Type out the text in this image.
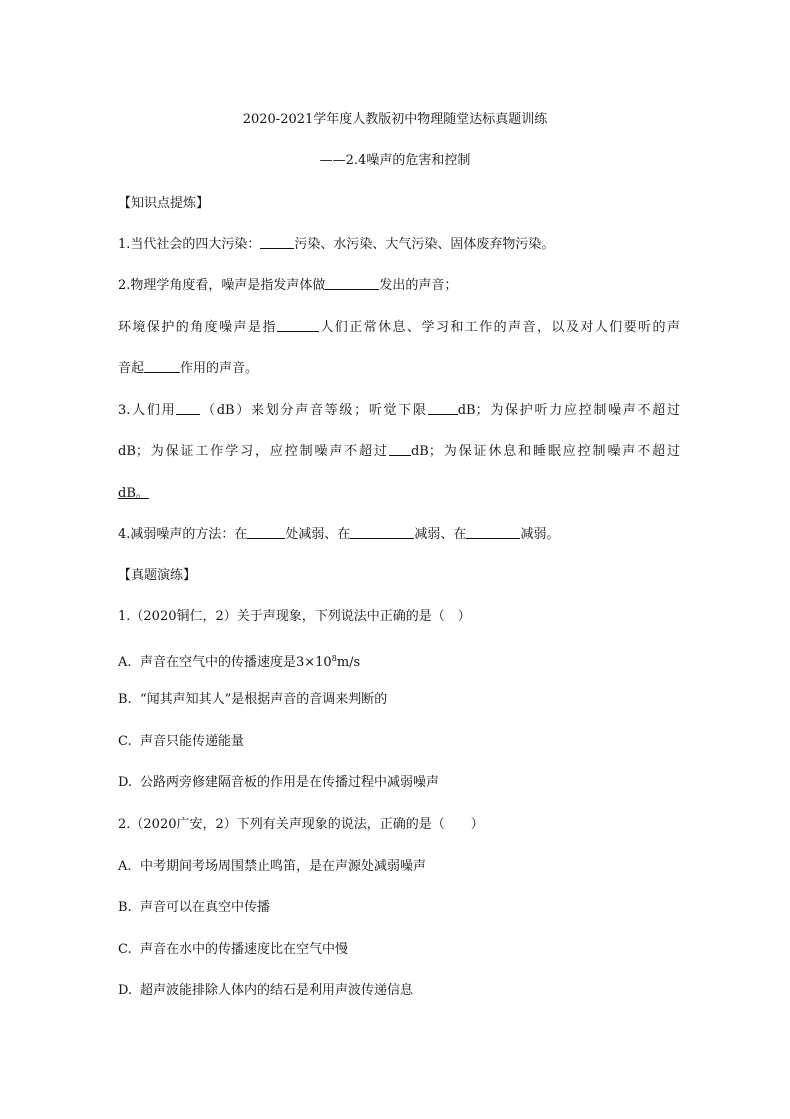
2020-2021学年度人教版初中物理随堂达标真题训练
——2.4噪声的危害和控制
【知识点提炼】
1.当代社会的四大污染：	污染、水污染、大气污染、固体废弃物污染。
2.物理学角度看，噪声是指发声体做	发出的声音；
环境保护的角度噪声是指	人们正常休息、学习和工作的声音，以及对人们要听的声
音起	作用的声音。
3.人们用 （dB）来划分声音等级；听觉下限 dB；为保护听力应控制噪声不超过
dB；为保证工作学习，应控制噪声不超过 dB；为保证休息和睡眠应控制噪声不超过
dB。
4.减弱噪声的方法：在	处减弱、在	减弱、在	减弱。
【真题演练】
1.（2020铜仁，2）关于声现象，下列说法中正确的是（　）
A. 声音在空气中的传播速度是$3\times 10^8m/s$
B. “闻其声知其人”是根据声音的音调来判断的
C. 声音只能传递能量
D. 公路两旁修建隔音板的作用是在传播过程中减弱噪声
2.（2020广安，2）下列有关声现象的说法，正确的是（　　）
A. 中考期间考场周围禁止鸣笛，是在声源处减弱噪声
B. 声音可以在真空中传播
C. 声音在水中的传播速度比在空气中慢
D. 超声波能排除人体内的结石是利用声波传递信息
